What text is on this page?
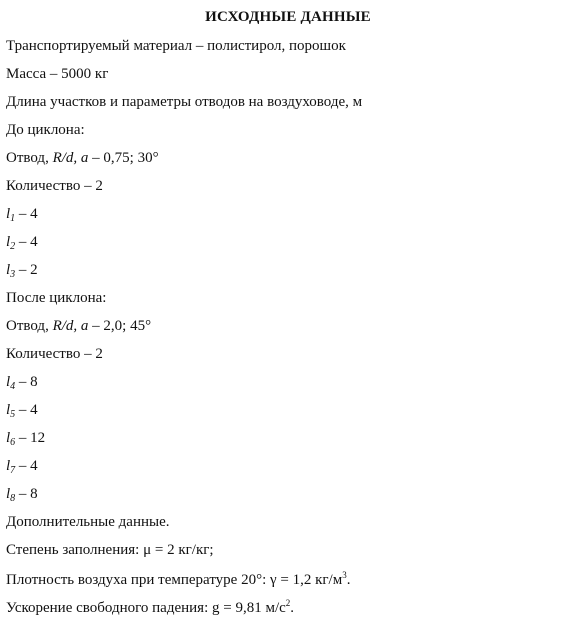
ИСХОДНЫЕ ДАННЫЕ
Транспортируемый материал – полистирол, порошок
Масса – 5000 кг
Длина участков и параметры отводов на воздуховоде, м
До циклона:
Отвод, R/d, a – 0,75; 30°
Количество – 2
$l_1 - 4$
$l_2 - 4$
$l_3 - 2$
После циклона:
Отвод, R/d, a – 2,0; 45°
Количество – 2
$l_4 - 8$
$l_5 - 4$
$l_6 - 12$
$l_7 - 4$
$l_8 - 8$
Дополнительные данные.
Степень заполнения: μ = 2 кг/кг;
Плотность воздуха при температуре 20°: γ = 1,2 $кг/м^3$.
Ускорение свободного падения: g = 9,81 $м/с^2$.
